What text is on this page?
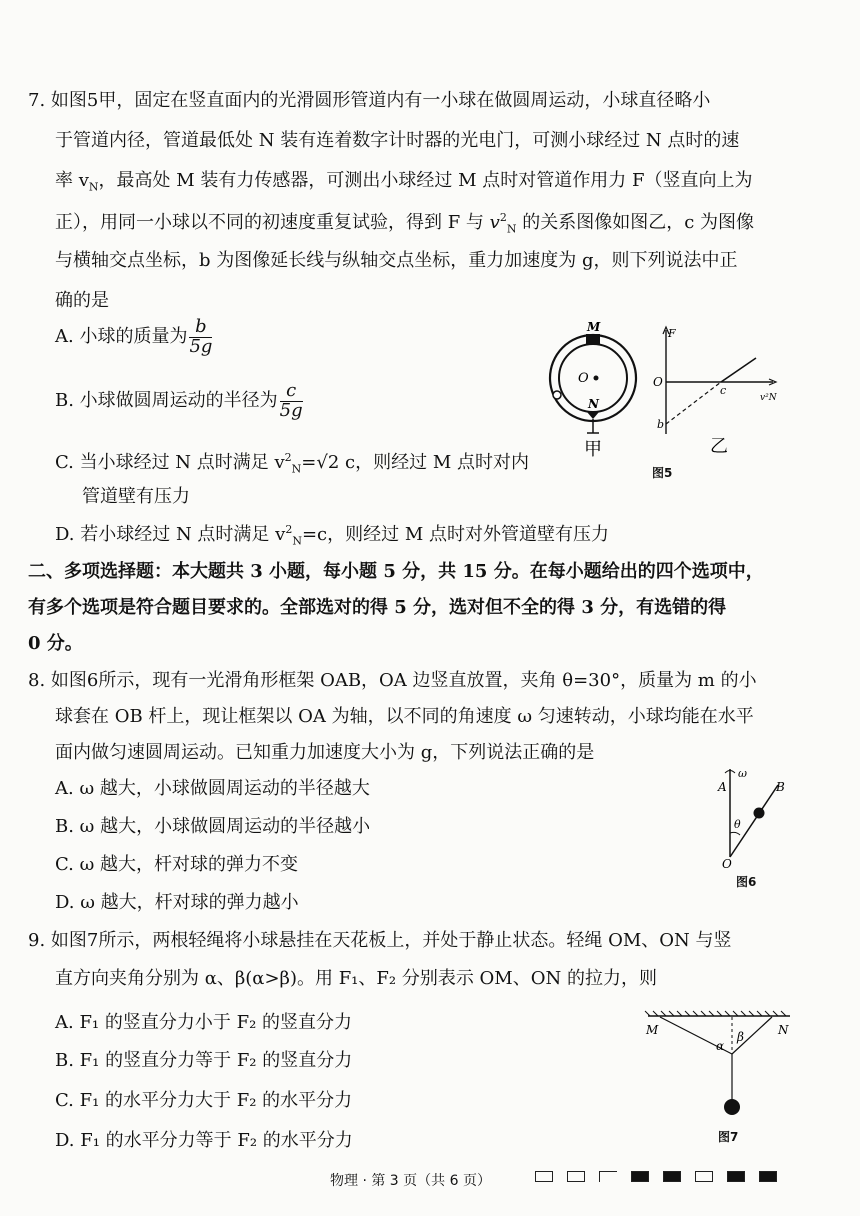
7. 如图5甲，固定在竖直面内的光滑圆形管道内有一小球在做圆周运动，小球直径略小
于管道内径，管道最低处 N 装有连着数字计时器的光电门，可测小球经过 N 点时的速
率 $v_N$，最高处 M 装有力传感器，可测出小球经过 M 点时对管道作用力 F（竖直向上为
正），用同一小球以不同的初速度重复试验，得到 F 与 $v^2_N$ 的关系图像如图乙，c 为图像
与横轴交点坐标，b 为图像延长线与纵轴交点坐标，重力加速度为 g，则下列说法中正
确的是
A. 小球的质量为 $\frac{b}{5g}$
B. 小球做圆周运动的半径为 $\frac{c}{5g}$
C. 当小球经过 N 点时满足 $v^2_N=√2$ c，则经过 M 点时对内
管道壁有压力
D. 若小球经过 N 点时满足 $v^2_N=c$，则经过 M 点时对外管道壁有压力
M
O
N
甲
F
O
c
b
v²N
乙
图5
二、多项选择题：本大题共 3 小题，每小题 5 分，共 15 分。在每小题给出的四个选项中，
有多个选项是符合题目要求的。全部选对的得 5 分，选对但不全的得 3 分，有选错的得
0 分。
8. 如图6所示，现有一光滑角形框架 OAB，OA 边竖直放置，夹角 θ=30°，质量为 m 的小
球套在 OB 杆上，现让框架以 OA 为轴，以不同的角速度 ω 匀速转动，小球均能在水平
面内做匀速圆周运动。已知重力加速度大小为 g，下列说法正确的是
A. ω 越大，小球做圆周运动的半径越大
B. ω 越大，小球做圆周运动的半径越小
C. ω 越大，杆对球的弹力不变
D. ω 越大，杆对球的弹力越小
A
ω
B
θ
O
图6
9. 如图7所示，两根轻绳将小球悬挂在天花板上，并处于静止状态。轻绳 OM、ON 与竖
直方向夹角分别为 α、β(α>β)。用 F₁、F₂ 分别表示 OM、ON 的拉力，则
A. F₁ 的竖直分力小于 F₂ 的竖直分力
B. F₁ 的竖直分力等于 F₂ 的竖直分力
C. F₁ 的水平分力大于 F₂ 的水平分力
D. F₁ 的水平分力等于 F₂ 的水平分力
M	N
α
β
图7
物理 · 第 3 页（共 6 页）
